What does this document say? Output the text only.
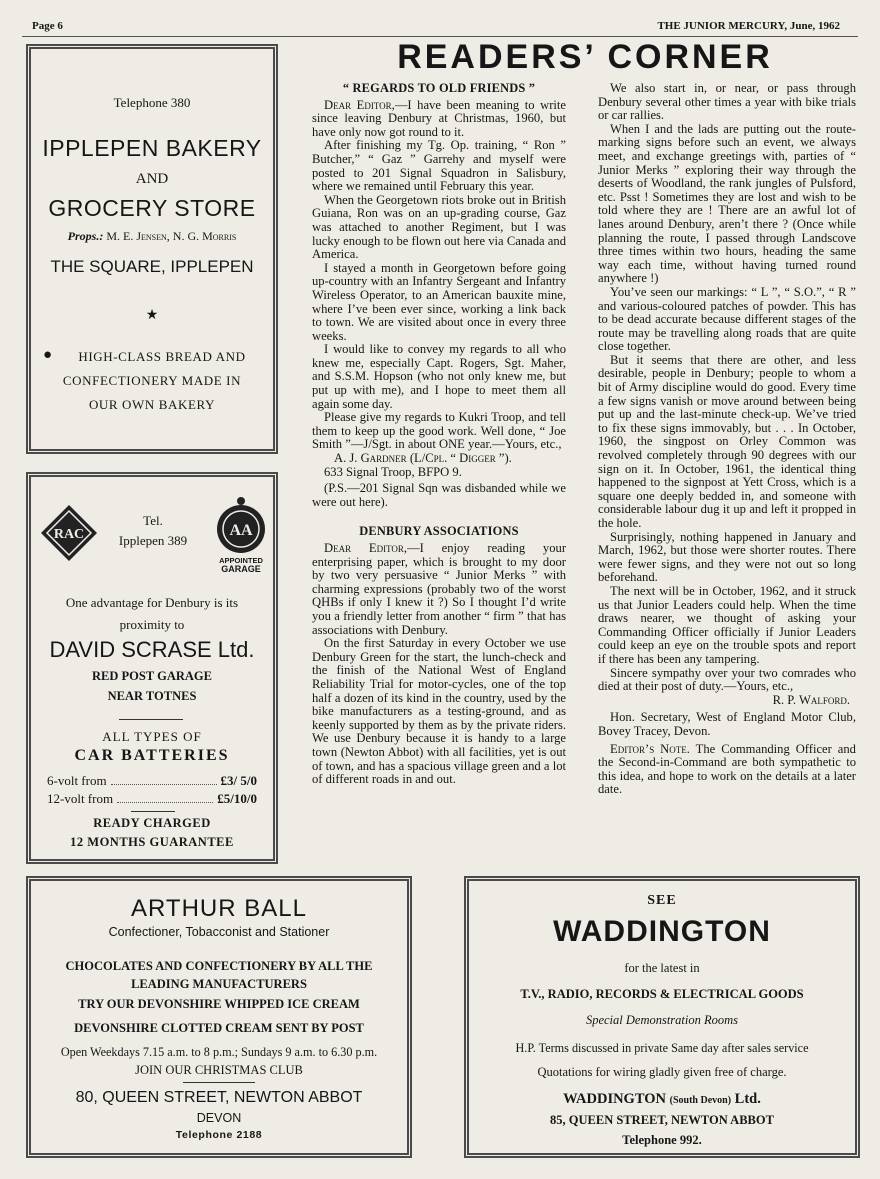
Page 6	THE JUNIOR MERCURY, June, 1962
READERS’ CORNER
Telephone 380
IPPLEPEN BAKERY
AND
GROCERY STORE
Props.: M. E. Jensen, N. G. Morris
THE SQUARE, IPPLEPEN
★
●	HIGH-CLASS BREAD AND
CONFECTIONERY MADE IN
OUR OWN BAKERY
RAC
Tel.
Ipplepen 389
AA
APPOINTED
GARAGE
One advantage for Denbury is its
proximity to
DAVID SCRASE Ltd.
RED POST GARAGE
NEAR TOTNES
ALL TYPES OF
CAR BATTERIES
6-volt from	£3/ 5/0
12-volt from	£5/10/0
READY CHARGED
12 MONTHS GUARANTEE
“ REGARDS TO OLD FRIENDS ”

Dear Editor,—I have been meaning to write since leaving Denbury at Christmas, 1960, but have only now got round to it.

After finishing my Tg. Op. training, “ Ron ” Butcher,” “ Gaz ” Garrehy and myself were posted to 201 Signal Squadron in Salisbury, where we remained until February this year.

When the Georgetown riots broke out in British Guiana, Ron was on an up-grading course, Gaz was attached to another Regiment, but I was lucky enough to be flown out here via Canada and America.

I stayed a month in Georgetown before going up-country with an Infantry Sergeant and Infantry Wireless Operator, to an American bauxite mine, where I’ve been ever since, working a link back to town. We are visited about once in every three weeks.

I would like to convey my regards to all who knew me, especially Capt. Rogers, Sgt. Maher, and S.S.M. Hopson (who not only knew me, but put up with me), and I hope to meet them all again some day.

Please give my regards to Kukri Troop, and tell them to keep up the good work. Well done, “ Joe Smith ”—J/Sgt. in about ONE year.—Yours, etc.,

A. J. Gardner (L/Cpl. “ Digger ”).

633 Signal Troop, BFPO 9.

(P.S.—201 Signal Sqn was disbanded while we were out here).

DENBURY ASSOCIATIONS

Dear Editor,—I enjoy reading your enterprising paper, which is brought to my door by two very persuasive “ Junior Merks ” with charming expressions (probably two of the worst QHBs if only I knew it ?) So I thought I’d write you a friendly letter from another “ firm ” that has associations with Denbury.

On the first Saturday in every October we use Denbury Green for the start, the lunch-check and the finish of the National West of England Reliability Trial for motor-cycles, one of the top half a dozen of its kind in the country, used by the bike manufacturers as a testing-ground, and as keenly supported by them as by the private riders. We use Denbury because it is handy to a large town (Newton Abbot) with all facilities, yet is out of town, and has a spacious village green and a lot of different roads in and out.

We also start in, or near, or pass through Denbury several other times a year with bike trials or car rallies.

When I and the lads are putting out the route-marking signs before such an event, we always meet, and exchange greetings with, parties of “ Junior Merks ” exploring their way through the deserts of Woodland, the rank jungles of Pulsford, etc. Psst ! Sometimes they are lost and wish to be told where they are ! There are an awful lot of lanes around Denbury, aren’t there ? (Once while planning the route, I passed through Landscove three times within two hours, heading the same way each time, without having turned round anywhere !)

You’ve seen our markings: “ L ”, “ S.O.”, “ R ” and various-coloured patches of powder. This has to be dead accurate because different stages of the route may be travelling along roads that are quite close together.

But it seems that there are other, and less desirable, people in Denbury; people to whom a bit of Army discipline would do good. Every time a few signs vanish or move around between being put up and the last-minute check-up. We’ve tried to fix these signs immovably, but . . . In October, 1960, the singpost on Orley Common was revolved completely through 90 degrees with our sign on it. In October, 1961, the identical thing happened to the signpost at Yett Cross, which is a square one deeply bedded in, and someone with considerable labour dug it up and left it propped in the hole.

Surprisingly, nothing happened in January and March, 1962, but those were shorter routes. There were fewer signs, and they were not out so long beforehand.

The next will be in October, 1962, and it struck us that Junior Leaders could help. When the time draws nearer, we thought of asking your Commanding Officer officially if Junior Leaders could keep an eye on the trouble spots and report if there has been any tampering.

Sincere sympathy over your two comrades who died at their post of duty.—Yours, etc.,

R. P. Walford.

Hon. Secretary, West of England Motor Club, Bovey Tracey, Devon.

Editor’s Note. The Commanding Officer and the Second-in-Command are both sympathetic to this idea, and hope to work on the details at a later date.

ARTHUR BALL
Confectioner, Tobacconist and Stationer
CHOCOLATES AND CONFECTIONERY BY ALL THE
LEADING MANUFACTURERS
TRY OUR DEVONSHIRE WHIPPED ICE CREAM
DEVONSHIRE CLOTTED CREAM SENT BY POST
Open Weekdays 7.15 a.m. to 8 p.m.; Sundays 9 a.m. to 6.30 p.m.
JOIN OUR CHRISTMAS CLUB
80, QUEEN STREET, NEWTON ABBOT
DEVON
Telephone 2188
SEE
WADDINGTON
for the latest in
T.V., RADIO, RECORDS & ELECTRICAL GOODS
Special Demonstration Rooms
H.P. Terms discussed in private Same day after sales service
Quotations for wiring gladly given free of charge.
WADDINGTON (South Devon) Ltd.
85, QUEEN STREET, NEWTON ABBOT
Telephone 992.
